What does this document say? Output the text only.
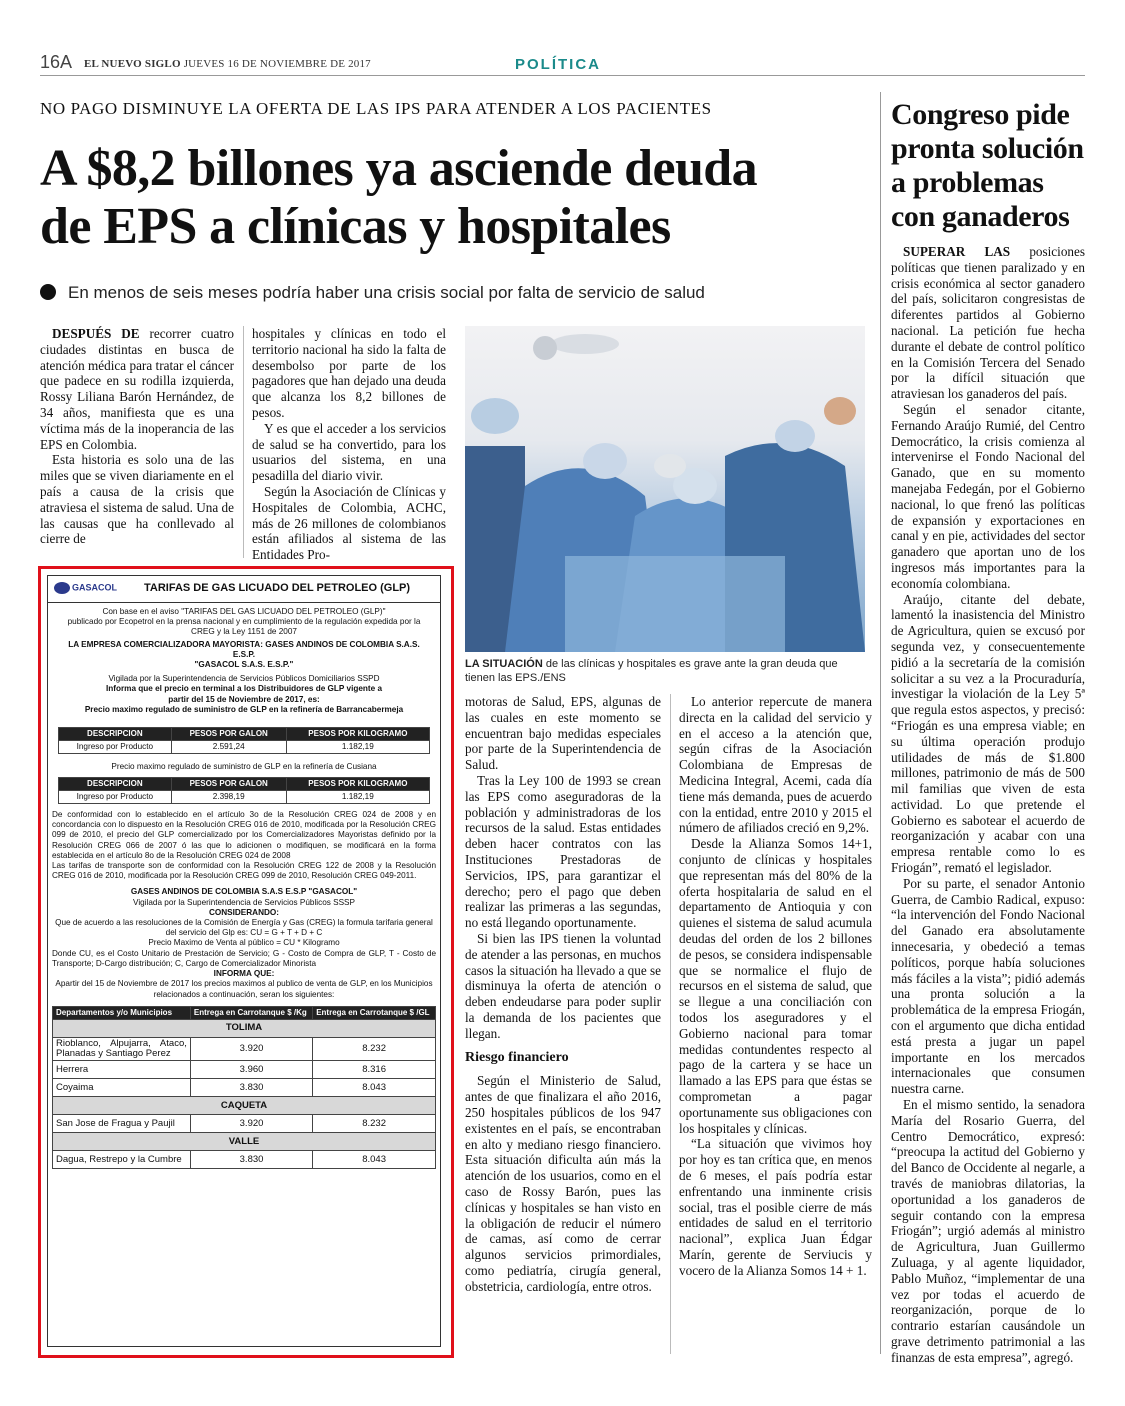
16A EL NUEVO SIGLO JUEVES 16 DE NOVIEMBRE DE 2017	POLÍTICA
NO PAGO DISMINUYE LA OFERTA DE LAS IPS PARA ATENDER A LOS PACIENTES
A $8,2 billones ya asciende deuda
de EPS a clínicas y hospitales
En menos de seis meses podría haber una crisis social por falta de servicio de salud

DESPUÉS DE recorrer cuatro ciudades distintas en busca de atención médica para tratar el cáncer que padece en su rodilla izquierda, Rossy Liliana Barón Hernández, de 34 años, manifiesta que es una víctima más de la inoperancia de las EPS en Colombia.

Esta historia es solo una de las miles que se viven diariamente en el país a causa de la crisis que atraviesa el sistema de salud. Una de las causas que ha conllevado al cierre de

hospitales y clínicas en todo el territorio nacional ha sido la falta de desembolso por parte de los pagadores que han dejado una deuda que alcanza los 8,2 billones de pesos.

Y es que el acceder a los servicios de salud se ha convertido, para los usuarios del sistema, en una pesadilla del diario vivir.

Según la Asociación de Clínicas y Hospitales de Colombia, ACHC, más de 26 millones de colombianos están afiliados al sistema de las Entidades Pro-

LA SITUACIÓN de las clínicas y hospitales es grave ante la gran deuda que tienen las EPS./ENS

motoras de Salud, EPS, algunas de las cuales en este momento se encuentran bajo medidas especiales por parte de la Superintendencia de Salud.

Tras la Ley 100 de 1993 se crean las EPS como aseguradoras de la población y administradoras de los recursos de la salud. Estas entidades deben hacer contratos con las Instituciones Prestadoras de Servicios, IPS, para garantizar el derecho; pero el pago que deben realizar las primeras a las segundas, no está llegando oportunamente.

Si bien las IPS tienen la voluntad de atender a las personas, en muchos casos la situación ha llevado a que se disminuya la oferta de atención o deben endeudarse para poder suplir la demanda de los pacientes que llegan.

Riesgo financiero

Según el Ministerio de Salud, antes de que finalizara el año 2016, 250 hospitales públicos de los 947 existentes en el país, se encontraban en alto y mediano riesgo financiero. Esta situación dificulta aún más la atención de los usuarios, como en el caso de Rossy Barón, pues las clínicas y hospitales se han visto en la obligación de reducir el número de camas, así como de cerrar algunos servicios primordiales, como pediatría, cirugía general, obstetricia, cardiología, entre otros.

Lo anterior repercute de manera directa en la calidad del servicio y en el acceso a la atención que, según cifras de la Asociación Colombiana de Empresas de Medicina Integral, Acemi, cada día tiene más demanda, pues de acuerdo con la entidad, entre 2010 y 2015 el número de afiliados creció en 9,2%.

Desde la Alianza Somos 14+1, conjunto de clínicas y hospitales que representan más del 80% de la oferta hospitalaria de salud en el departamento de Antioquia y con quienes el sistema de salud acumula deudas del orden de los 2 billones de pesos, se considera indispensable que se normalice el flujo de recursos en el sistema de salud, que se llegue a una conciliación con todos los aseguradores y el Gobierno nacional para tomar medidas contundentes respecto al pago de la cartera y se hace un llamado a las EPS para que éstas se comprometan a pagar oportunamente sus obligaciones con los hospitales y clínicas.

“La situación que vivimos hoy por hoy es tan crítica que, en menos de 6 meses, el país podría estar enfrentando una inminente crisis social, tras el posible cierre de más entidades de salud en el territorio nacional”, explica Juan Édgar Marín, gerente de Serviucis y vocero de la Alianza Somos 14 + 1.

Congreso pide pronta solución a problemas con ganaderos

SUPERAR LAS posiciones políticas que tienen paralizado y en crisis económica al sector ganadero del país, solicitaron congresistas de diferentes partidos al Gobierno nacional. La petición fue hecha durante el debate de control político en la Comisión Tercera del Senado por la difícil situación que atraviesan los ganaderos del país.

Según el senador citante, Fernando Araújo Rumié, del Centro Democrático, la crisis comienza al intervenirse el Fondo Nacional del Ganado, que en su momento manejaba Fedegán, por el Gobierno nacional, lo que frenó las políticas de expansión y exportaciones en canal y en pie, actividades del sector ganadero que aportan uno de los ingresos más importantes para la economía colombiana.

Araújo, citante del debate, lamentó la inasistencia del Ministro de Agricultura, quien se excusó por segunda vez, y consecuentemente pidió a la secretaría de la comisión solicitar a su vez a la Procuraduría, investigar la violación de la Ley 5ª que regula estos aspectos, y precisó: “Friogán es una empresa viable; en su última operación produjo utilidades de más de $1.800 millones, patrimonio de más de 500 mil familias que viven de esta actividad. Lo que pretende el Gobierno es sabotear el acuerdo de reorganización y acabar con una empresa rentable como lo es Friogán”, remató el legislador.

Por su parte, el senador Antonio Guerra, de Cambio Radical, expuso: “la intervención del Fondo Nacional del Ganado era absolutamente innecesaria, y obedeció a temas políticos, porque había soluciones más fáciles a la vista”; pidió además una pronta solución a la problemática de la empresa Friogán, con el argumento que dicha entidad está presta a jugar un papel importante en los mercados internacionales que consumen nuestra carne.

En el mismo sentido, la senadora María del Rosario Guerra, del Centro Democrático, expresó: “preocupa la actitud del Gobierno y del Banco de Occidente al negarle, a través de maniobras dilatorias, la oportunidad a los ganaderos de seguir contando con la empresa Friogán”; urgió además al ministro de Agricultura, Juan Guillermo Zuluaga, y al agente liquidador, Pablo Muñoz, “implementar de una vez por todas el acuerdo de reorganización, porque de lo contrario estarían causándole un grave detrimento patrimonial a las finanzas de esta empresa”, agregó.

GASACOL TARIFAS DE GAS LICUADO DEL PETROLEO (GLP)
Con base en el aviso "TARIFAS DEL GAS LICUADO DEL PETROLEO (GLP)"
publicado por Ecopetrol en la prensa nacional y en cumplimiento de la regulación expedida por la CREG y la Ley 1151 de 2007
LA EMPRESA COMERCIALIZADORA MAYORISTA: GASES ANDINOS DE COLOMBIA S.A.S. E.S.P.
"GASACOL S.A.S. E.S.P."
Vigilada por la Superintendencia de Servicios Públicos Domiciliarios SSPD
Informa que el precio en terminal a los Distribuidores de GLP vigente a partir del 15 de Noviembre de 2017, es:
Precio maximo regulado de suministro de GLP en la refinería de Barrancabermeja
DESCRIPCION	PESOS POR GALON	PESOS POR KILOGRAMO
Ingreso por Producto	2.591,24	1.182,19
Precio maximo regulado de suministro de GLP en la refinería de Cusiana
DESCRIPCION	PESOS POR GALON	PESOS POR KILOGRAMO
Ingreso por Producto	2.398,19	1.182,19
De conformidad con lo establecido en el artículo 3o de la Resolución CREG 024 de 2008 y en concordancia con lo dispuesto en la Resolución CREG 016 de 2010, modificada por la Resolución CREG 099 de 2010, el precio del GLP comercializado por los Comercializadores Mayoristas definido por la Resolución CREG 066 de 2007 ó las que lo adicionen o modifiquen, se modificará en la forma establecida en el artículo 8o de la Resolución CREG 024 de 2008
Las tarifas de transporte son de conformidad con la Resolución CREG 122 de 2008 y la Resolución CREG 016 de 2010, modificada por la Resolución CREG 099 de 2010, Resolución CREG 049-2011.
GASES ANDINOS DE COLOMBIA S.A.S E.S.P "GASACOL"
Vigilada por la Superintendencia de Servicios Públicos SSSP
CONSIDERANDO:
Que de acuerdo a las resoluciones de la Comisión de Energía y Gas (CREG) la formula tarifaria general del servicio del Glp es: CU = G + T + D + C
Precio Maximo de Venta al público = CU * Kilogramo
Donde CU, es el Costo Unitario de Prestación de Servicio; G - Costo de Compra de GLP, T - Costo de Transporte; D-Cargo distribución; C, Cargo de Comercializador Minorista
INFORMA QUE:
Apartir del 15 de Noviembre de 2017 los precios maximos al publico de venta de GLP, en los Municipios relacionados a continuación, seran los siguientes:
Departamentos y/o Municipios	Entrega en Carrotanque $ /Kg	Entrega en Carrotanque $ /GL
TOLIMA		
Rioblanco, Alpujarra, Ataco, Planadas y Santiago Perez	3.920	8.232
Herrera	3.960	8.316
Coyaima	3.830	8.043
CAQUETA		
San Jose de Fragua y Paujil	3.920	8.232
VALLE		
Dagua, Restrepo y la Cumbre	3.830	8.043
